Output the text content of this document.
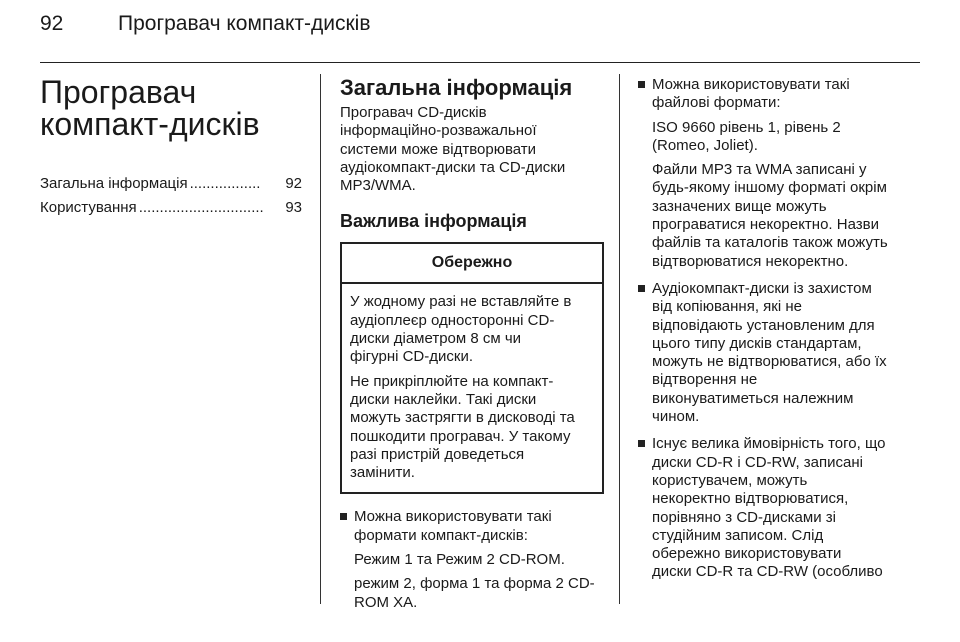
92	Програвач компакт-дисків
Програвач
компакт-дисків
Загальна інформація .................	92
Користування ..............................	93
Загальна інформація

Програвач CD-дисків

інформаційно-розважальної

системи може відтворювати

аудіокомпакт-диски та CD-диски

MP3/WMA.

Важлива інформація
Обережно

У жодному разі не вставляйте в
аудіоплеєр односторонні CD-
диски діаметром 8 см чи
фігурні CD-диски.

Не прикріплюйте на компакт-
диски наклейки. Такі диски
можуть застрягти в дисководі та
пошкодити програвач. У такому
разі пристрій доведеться
замінити.

Можна використовувати такі
формати компакт-дисків:

Режим 1 та Режим 2 CD-ROM.

режим 2, форма 1 та форма 2 CD-
ROM XA.

Можна використовувати такі
файлові формати:

ISO 9660 рівень 1, рівень 2
(Romeo, Joliet).

Файли MP3 та WMA записані у
будь-якому іншому форматі окрім
зазначених вище можуть
програватися некоректно. Назви
файлів та каталогів також можуть
відтворюватися некоректно.

Аудіокомпакт-диски із захистом
від копіювання, які не
відповідають установленим для
цього типу дисків стандартам,
можуть не відтворюватися, або їх
відтворення не
виконуватиметься належним
чином.

Існує велика ймовірність того, що
диски CD-R і CD-RW, записані
користувачем, можуть
некоректно відтворюватися,
порівняно з CD-дисками зі
студійним записом. Слід
обережно використовувати
диски CD-R та CD-RW (особливо
